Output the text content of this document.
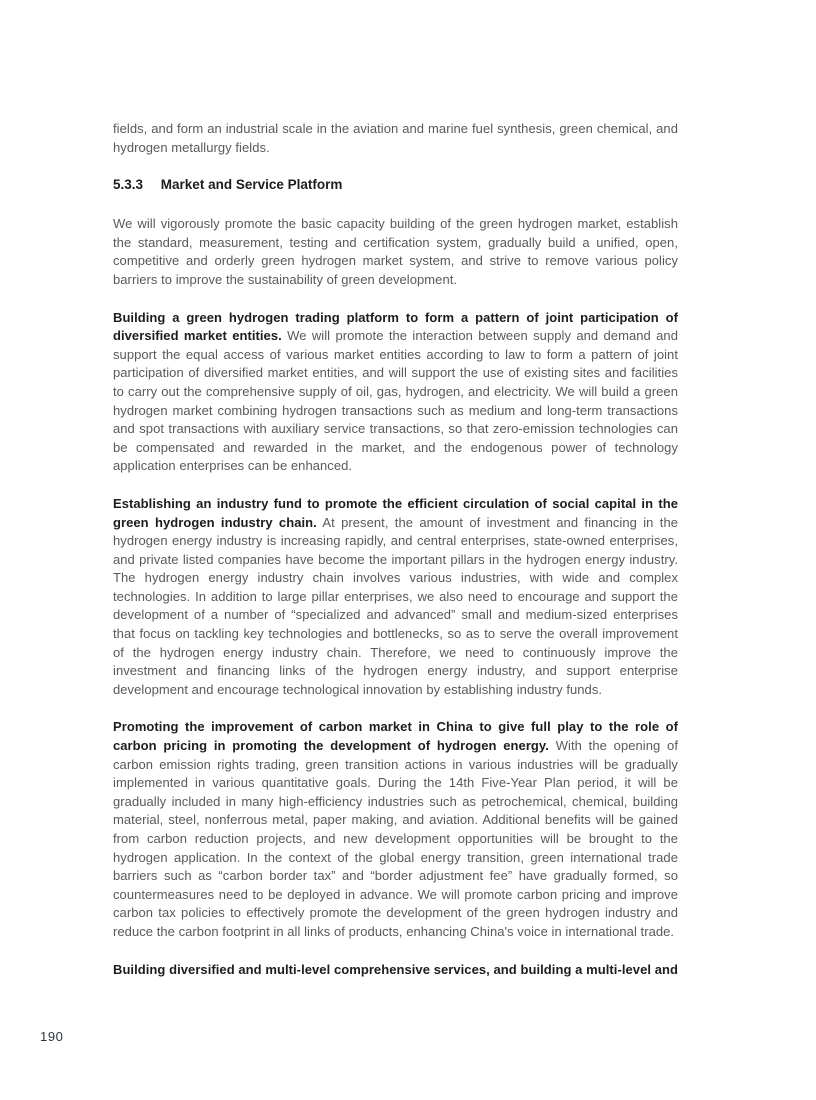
fields, and form an industrial scale in the aviation and marine fuel synthesis, green chemical, and hydrogen metallurgy fields.

5.3.3 Market and Service Platform

We will vigorously promote the basic capacity building of the green hydrogen market, establish the standard, measurement, testing and certification system, gradually build a unified, open, competitive and orderly green hydrogen market system, and strive to remove various policy barriers to improve the sustainability of green development.

Building a green hydrogen trading platform to form a pattern of joint participation of diversified market entities. We will promote the interaction between supply and demand and support the equal access of various market entities according to law to form a pattern of joint participation of diversified market entities, and will support the use of existing sites and facilities to carry out the comprehensive supply of oil, gas, hydrogen, and electricity. We will build a green hydrogen market combining hydrogen transactions such as medium and long-term transactions and spot transactions with auxiliary service transactions, so that zero-emission technologies can be compensated and rewarded in the market, and the endogenous power of technology application enterprises can be enhanced.

Establishing an industry fund to promote the efficient circulation of social capital in the green hydrogen industry chain. At present, the amount of investment and financing in the hydrogen energy industry is increasing rapidly, and central enterprises, state-owned enterprises, and private listed companies have become the important pillars in the hydrogen energy industry. The hydrogen energy industry chain involves various industries, with wide and complex technologies. In addition to large pillar enterprises, we also need to encourage and support the development of a number of “specialized and advanced” small and medium-sized enterprises that focus on tackling key technologies and bottlenecks, so as to serve the overall improvement of the hydrogen energy industry chain. Therefore, we need to continuously improve the investment and financing links of the hydrogen energy industry, and support enterprise development and encourage technological innovation by establishing industry funds.

Promoting the improvement of carbon market in China to give full play to the role of carbon pricing in promoting the development of hydrogen energy. With the opening of carbon emission rights trading, green transition actions in various industries will be gradually implemented in various quantitative goals. During the 14th Five-Year Plan period, it will be gradually included in many high-efficiency industries such as petrochemical, chemical, building material, steel, nonferrous metal, paper making, and aviation. Additional benefits will be gained from carbon reduction projects, and new development opportunities will be brought to the hydrogen application. In the context of the global energy transition, green international trade barriers such as “carbon border tax” and “border adjustment fee” have gradually formed, so countermeasures need to be deployed in advance. We will promote carbon pricing and improve carbon tax policies to effectively promote the development of the green hydrogen industry and reduce the carbon footprint in all links of products, enhancing China's voice in international trade.

Building diversified and multi-level comprehensive services, and building a multi-level and

190
